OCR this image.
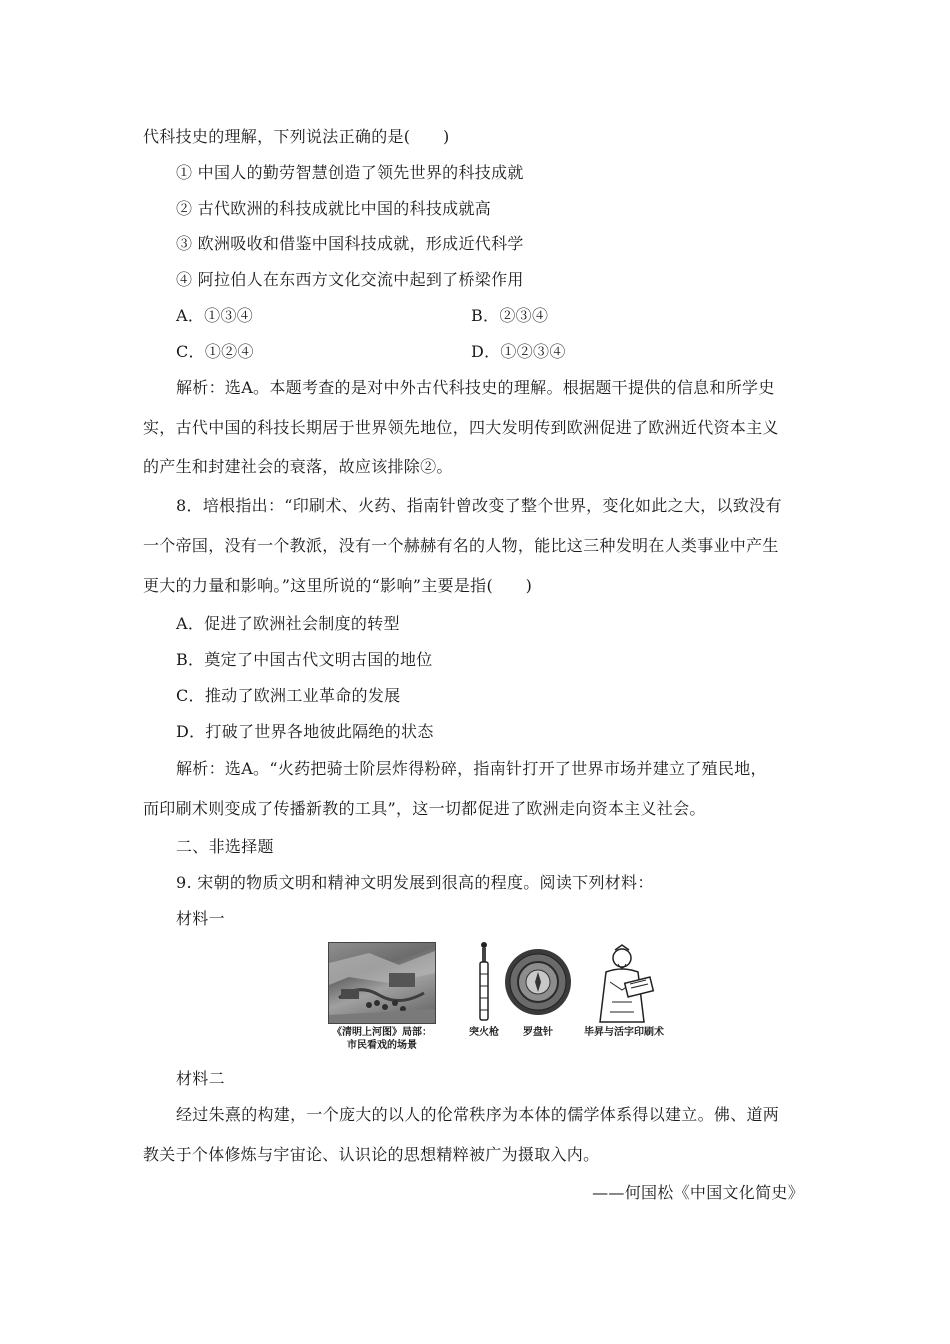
代科技史的理解，下列说法正确的是(　　)
① 中国人的勤劳智慧创造了领先世界的科技成就
② 古代欧洲的科技成就比中国的科技成就高
③ 欧洲吸收和借鉴中国科技成就，形成近代科学
④ 阿拉伯人在东西方文化交流中起到了桥梁作用
A．①③④	B．②③④
C．①②④	D．①②③④
解析：选A。本题考查的是对中外古代科技史的理解。根据题干提供的信息和所学史
实，古代中国的科技长期居于世界领先地位，四大发明传到欧洲促进了欧洲近代资本主义
的产生和封建社会的衰落，故应该排除②。
8．培根指出：“印刷术、火药、指南针曾改变了整个世界，变化如此之大，以致没有
一个帝国，没有一个教派，没有一个赫赫有名的人物，能比这三种发明在人类事业中产生
更大的力量和影响。”这里所说的“影响”主要是指(　　)
A．促进了欧洲社会制度的转型
B．奠定了中国古代文明古国的地位
C．推动了欧洲工业革命的发展
D．打破了世界各地彼此隔绝的状态
解析：选A。“火药把骑士阶层炸得粉碎，指南针打开了世界市场并建立了殖民地，
而印刷术则变成了传播新教的工具”，这一切都促进了欧洲走向资本主义社会。
二、非选择题
9. 宋朝的物质文明和精神文明发展到很高的程度。阅读下列材料：
材料一
《清明上河图》局部：
市民看戏的场景
突火枪	罗盘针	毕昇与活字印刷术
材料二
经过朱熹的构建，一个庞大的以人的伦常秩序为本体的儒学体系得以建立。佛、道两
教关于个体修炼与宇宙论、认识论的思想精粹被广为摄取入内。
——何国松《中国文化简史》
